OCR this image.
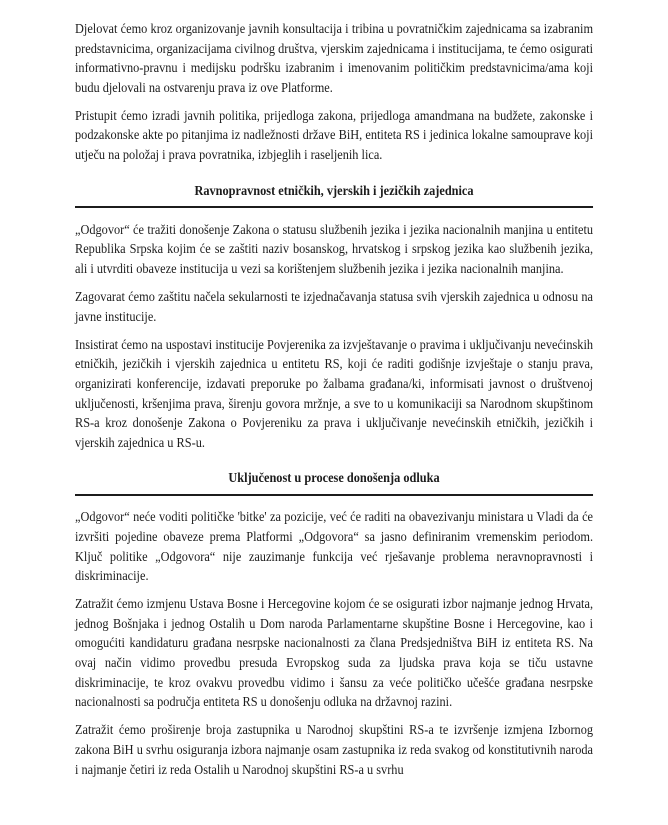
Djelovat ćemo kroz organizovanje javnih konsultacija i tribina u povratničkim zajednicama sa izabranim predstavnicima, organizacijama civilnog društva, vjerskim zajednicama i institucijama, te ćemo osigurati informativno-pravnu i medijsku podršku izabranim i imenovanim političkim predstavnicima/ama koji budu djelovali na ostvarenju prava iz ove Platforme.

Pristupit ćemo izradi javnih politika, prijedloga zakona, prijedloga amandmana na budžete, zakonske i podzakonske akte po pitanjima iz nadležnosti države BiH, entiteta RS i jedinica lokalne samouprave koji utječu na položaj i prava povratnika, izbjeglih i raseljenih lica.

Ravnopravnost etničkih, vjerskih i jezičkih zajednica

„Odgovor“ će tražiti donošenje Zakona o statusu službenih jezika i jezika nacionalnih manjina u entitetu Republika Srpska kojim će se zaštiti naziv bosanskog, hrvatskog i srpskog jezika kao službenih jezika, ali i utvrditi obaveze institucija u vezi sa korištenjem službenih jezika i jezika nacionalnih manjina.

Zagovarat ćemo zaštitu načela sekularnosti te izjednačavanja statusa svih vjerskih zajednica u odnosu na javne institucije.

Insistirat ćemo na uspostavi institucije Povjerenika za izvještavanje o pravima i uključivanju nevećinskih etničkih, jezičkih i vjerskih zajednica u entitetu RS, koji će raditi godišnje izvještaje o stanju prava, organizirati konferencije, izdavati preporuke po žalbama građana/ki, informisati javnost o društvenoj uključenosti, kršenjima prava, širenju govora mržnje, a sve to u komunikaciji sa Narodnom skupštinom RS-a kroz donošenje Zakona o Povjereniku za prava i uključivanje nevećinskih etničkih, jezičkih i vjerskih zajednica u RS-u.

Uključenost u procese donošenja odluka

„Odgovor“ neće voditi političke 'bitke' za pozicije, već će raditi na obavezivanju ministara u Vladi da će izvršiti pojedine obaveze prema Platformi „Odgovora“ sa jasno definiranim vremenskim periodom. Ključ politike „Odgovora“ nije zauzimanje funkcija već rješavanje problema neravnopravnosti i diskriminacije.

Zatražit ćemo izmjenu Ustava Bosne i Hercegovine kojom će se osigurati izbor najmanje jednog Hrvata, jednog Bošnjaka i jednog Ostalih u Dom naroda Parlamentarne skupštine Bosne i Hercegovine, kao i omogućiti kandidaturu građana nesrpske nacionalnosti za člana Predsjedništva BiH iz entiteta RS. Na ovaj način vidimo provedbu presuda Evropskog suda za ljudska prava koja se tiču ustavne diskriminacije, te kroz ovakvu provedbu vidimo i šansu za veće političko učešće građana nesrpske nacionalnosti sa područja entiteta RS u donošenju odluka na državnoj razini.

Zatražit ćemo proširenje broja zastupnika u Narodnoj skupštini RS-a te izvršenje izmjena Izbornog zakona BiH u svrhu osiguranja izbora najmanje osam zastupnika iz reda svakog od konstitutivnih naroda i najmanje četiri iz reda Ostalih u Narodnoj skupštini RS-a u svrhu
